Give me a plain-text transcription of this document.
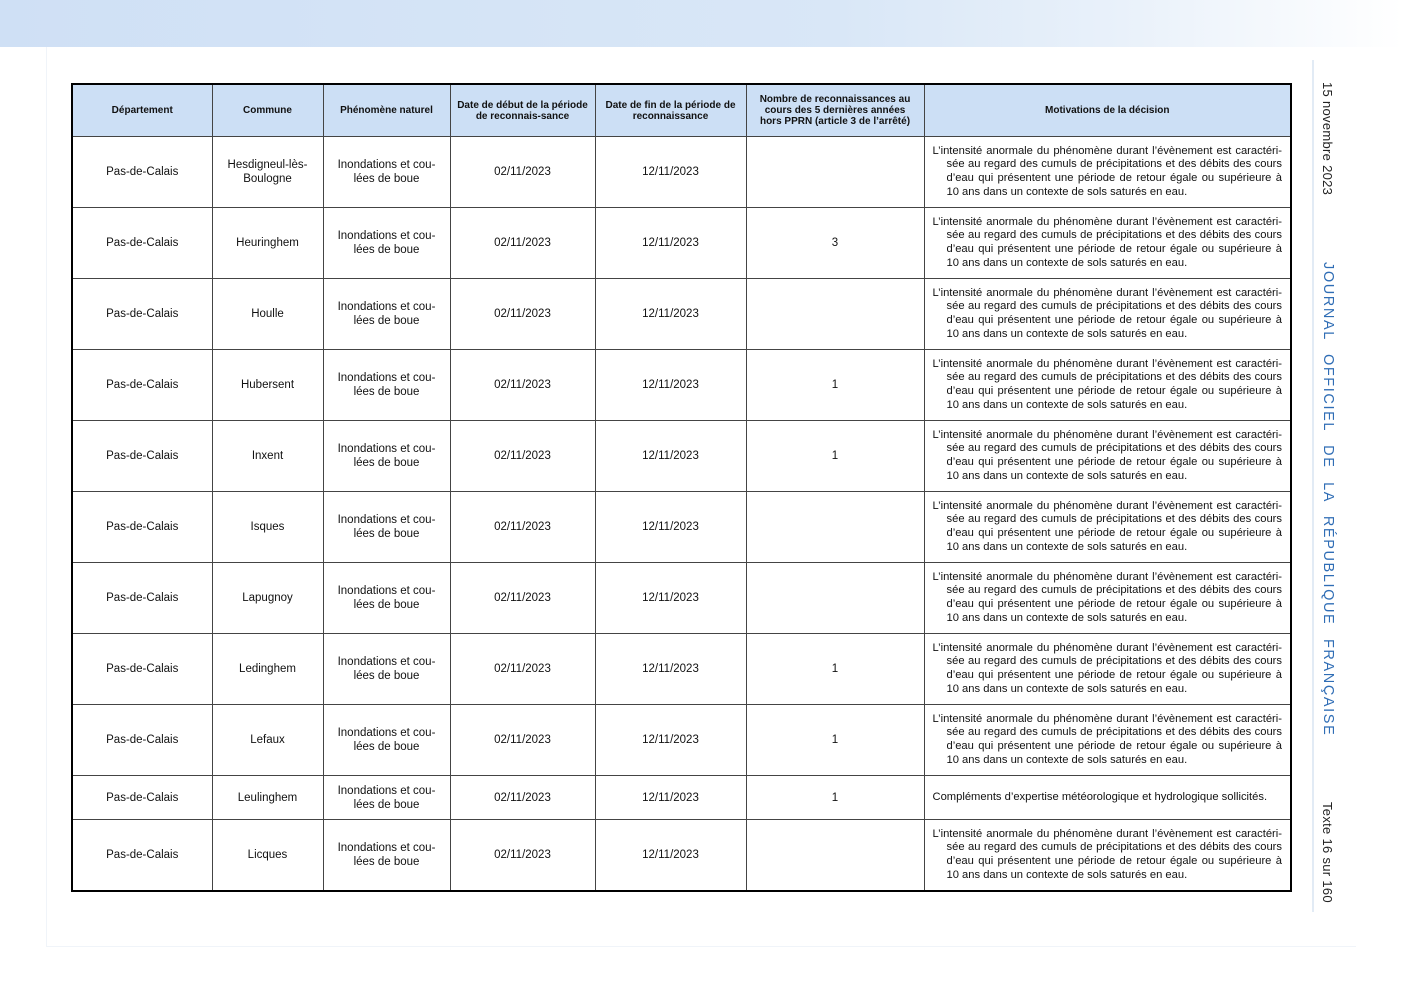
Département	Commune	Phénomène naturel	Date de début de la période de reconnais-sance	Date de fin de la période de reconnaissance	Nombre de reconnaissances au cours des 5 dernières années hors PPRN (article 3 de l’arrêté)	Motivations de la décision
Pas-de-Calais	Hesdigneul-lès-Boulogne	Inondations et cou-lées de boue	02/11/2023	12/11/2023		L’intensité anormale du phénomène durant l’évènement est caractéri-sée au regard des cumuls de précipitations et des débits des cours d’eau qui présentent une période de retour égale ou supérieure à 10 ans dans un contexte de sols saturés en eau.
Pas-de-Calais	Heuringhem	Inondations et cou-lées de boue	02/11/2023	12/11/2023	3	L’intensité anormale du phénomène durant l’évènement est caractéri-sée au regard des cumuls de précipitations et des débits des cours d’eau qui présentent une période de retour égale ou supérieure à 10 ans dans un contexte de sols saturés en eau.
Pas-de-Calais	Houlle	Inondations et cou-lées de boue	02/11/2023	12/11/2023		L’intensité anormale du phénomène durant l’évènement est caractéri-sée au regard des cumuls de précipitations et des débits des cours d’eau qui présentent une période de retour égale ou supérieure à 10 ans dans un contexte de sols saturés en eau.
Pas-de-Calais	Hubersent	Inondations et cou-lées de boue	02/11/2023	12/11/2023	1	L’intensité anormale du phénomène durant l’évènement est caractéri-sée au regard des cumuls de précipitations et des débits des cours d’eau qui présentent une période de retour égale ou supérieure à 10 ans dans un contexte de sols saturés en eau.
Pas-de-Calais	Inxent	Inondations et cou-lées de boue	02/11/2023	12/11/2023	1	L’intensité anormale du phénomène durant l’évènement est caractéri-sée au regard des cumuls de précipitations et des débits des cours d’eau qui présentent une période de retour égale ou supérieure à 10 ans dans un contexte de sols saturés en eau.
Pas-de-Calais	Isques	Inondations et cou-lées de boue	02/11/2023	12/11/2023		L’intensité anormale du phénomène durant l’évènement est caractéri-sée au regard des cumuls de précipitations et des débits des cours d’eau qui présentent une période de retour égale ou supérieure à 10 ans dans un contexte de sols saturés en eau.
Pas-de-Calais	Lapugnoy	Inondations et cou-lées de boue	02/11/2023	12/11/2023		L’intensité anormale du phénomène durant l’évènement est caractéri-sée au regard des cumuls de précipitations et des débits des cours d’eau qui présentent une période de retour égale ou supérieure à 10 ans dans un contexte de sols saturés en eau.
Pas-de-Calais	Ledinghem	Inondations et cou-lées de boue	02/11/2023	12/11/2023	1	L’intensité anormale du phénomène durant l’évènement est caractéri-sée au regard des cumuls de précipitations et des débits des cours d’eau qui présentent une période de retour égale ou supérieure à 10 ans dans un contexte de sols saturés en eau.
Pas-de-Calais	Lefaux	Inondations et cou-lées de boue	02/11/2023	12/11/2023	1	L’intensité anormale du phénomène durant l’évènement est caractéri-sée au regard des cumuls de précipitations et des débits des cours d’eau qui présentent une période de retour égale ou supérieure à 10 ans dans un contexte de sols saturés en eau.
Pas-de-Calais	Leulinghem	Inondations et cou-lées de boue	02/11/2023	12/11/2023	1	Compléments d’expertise météorologique et hydrologique sollicités.
Pas-de-Calais	Licques	Inondations et cou-lées de boue	02/11/2023	12/11/2023		L’intensité anormale du phénomène durant l’évènement est caractéri-sée au regard des cumuls de précipitations et des débits des cours d’eau qui présentent une période de retour égale ou supérieure à 10 ans dans un contexte de sols saturés en eau.
15 novembre 2023
JOURNAL OFFICIEL DE LA RÉPUBLIQUE FRANÇAISE
Texte 16 sur 160
